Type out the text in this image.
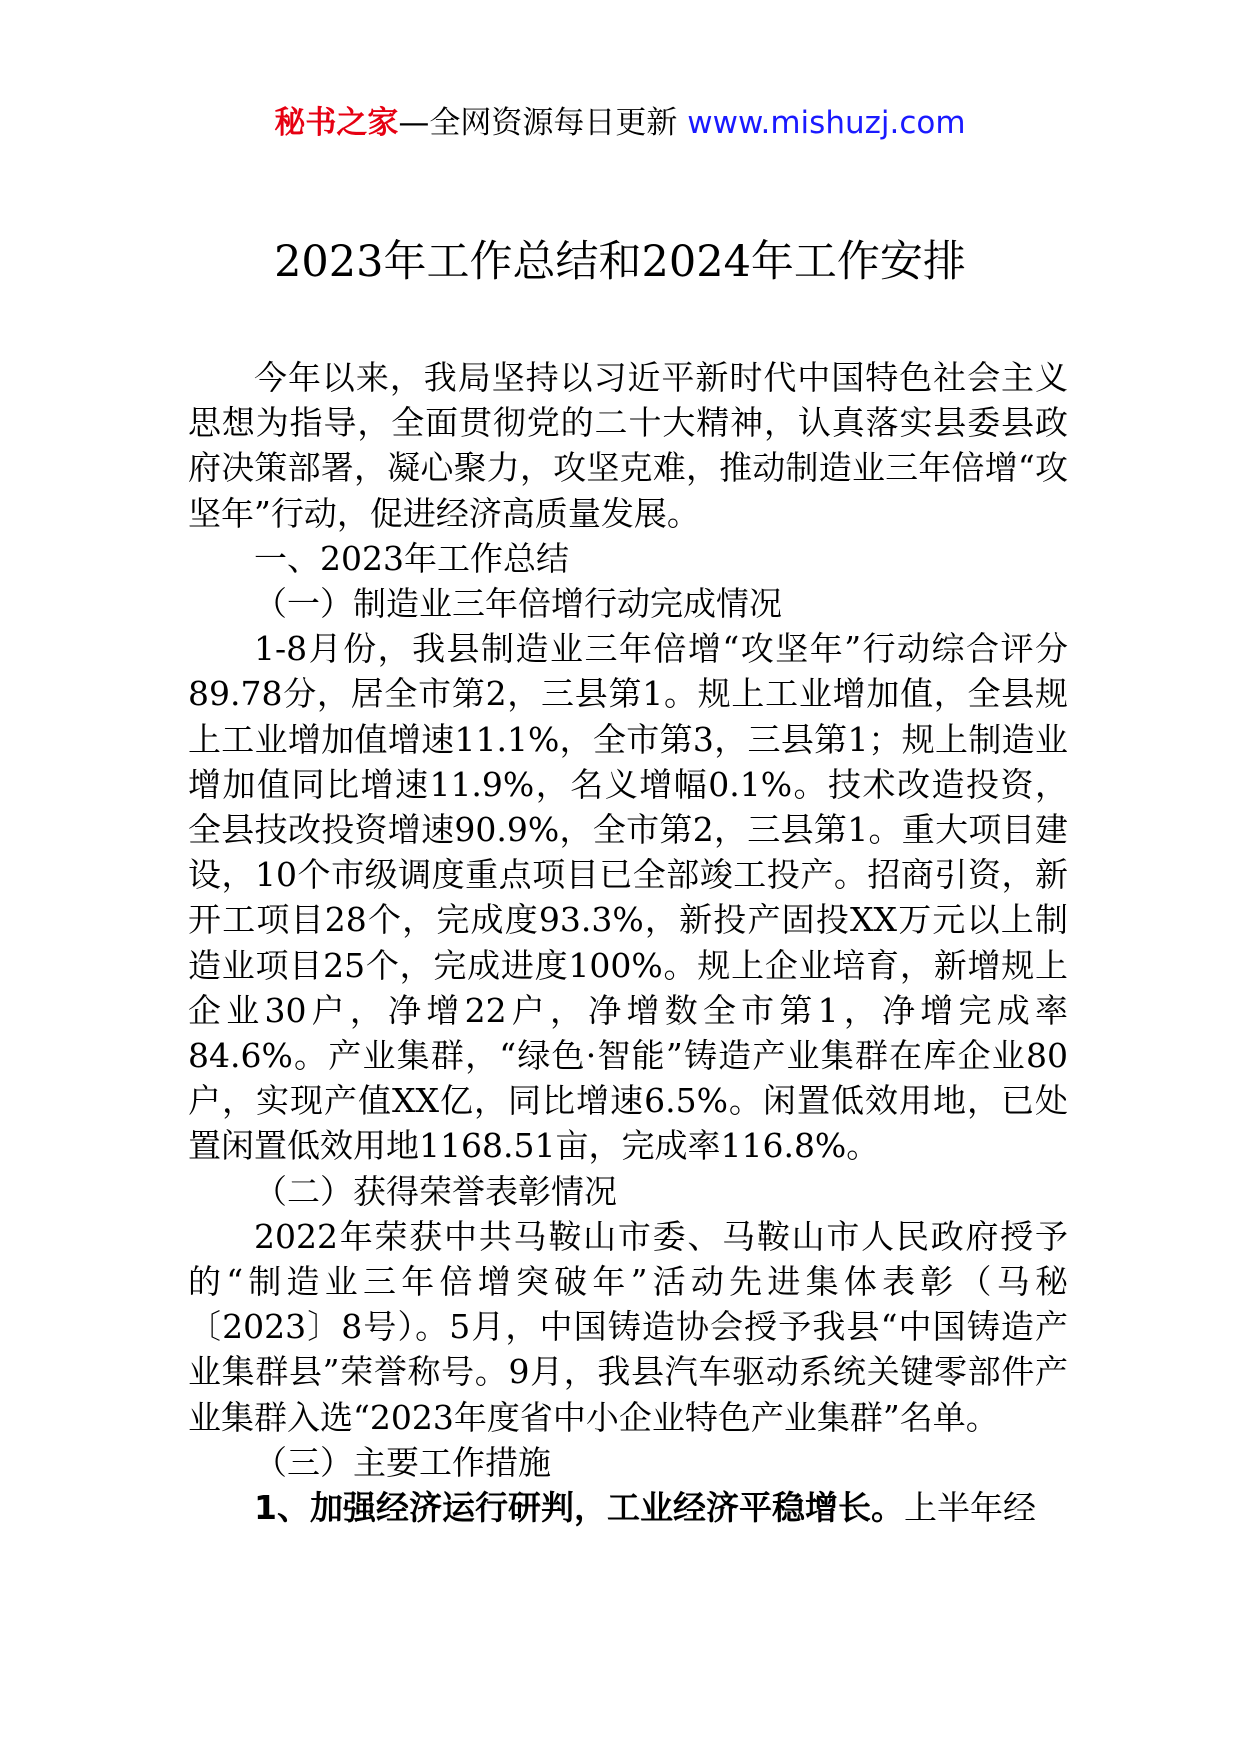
秘书之家—全网资源每日更新 www.mishuzj.com
2023年工作总结和2024年工作安排

今年以来，我局坚持以习近平新时代中国特色社会主义思想为指导，全面贯彻党的二十大精神，认真落实县委县政府决策部署，凝心聚力，攻坚克难，推动制造业三年倍增“攻坚年”行动，促进经济高质量发展。

一、2023年工作总结

（一）制造业三年倍增行动完成情况

1-8月份，我县制造业三年倍增“攻坚年”行动综合评分89.78分，居全市第2，三县第1。规上工业增加值，全县规上工业增加值增速11.1%，全市第3，三县第1；规上制造业增加值同比增速11.9%，名义增幅0.1%。技术改造投资，全县技改投资增速90.9%，全市第2，三县第1。重大项目建设，10个市级调度重点项目已全部竣工投产。招商引资，新开工项目28个，完成度93.3%，新投产固投XX万元以上制造业项目25个，完成进度100%。规上企业培育，新增规上企业30户，净增22户，净增数全市第1，净增完成率84.6%。产业集群，“绿色·智能”铸造产业集群在库企业80户，实现产值XX亿，同比增速6.5%。闲置低效用地，已处置闲置低效用地1168.51亩，完成率116.8%。

（二）获得荣誉表彰情况

2022年荣获中共马鞍山市委、马鞍山市人民政府授予的“制造业三年倍增突破年”活动先进集体表彰（马秘〔2023〕8号）。5月，中国铸造协会授予我县“中国铸造产业集群县”荣誉称号。9月，我县汽车驱动系统关键零部件产业集群入选“2023年度省中小企业特色产业集群”名单。

（三）主要工作措施

1、加强经济运行研判，工业经济平稳增长。上半年经
